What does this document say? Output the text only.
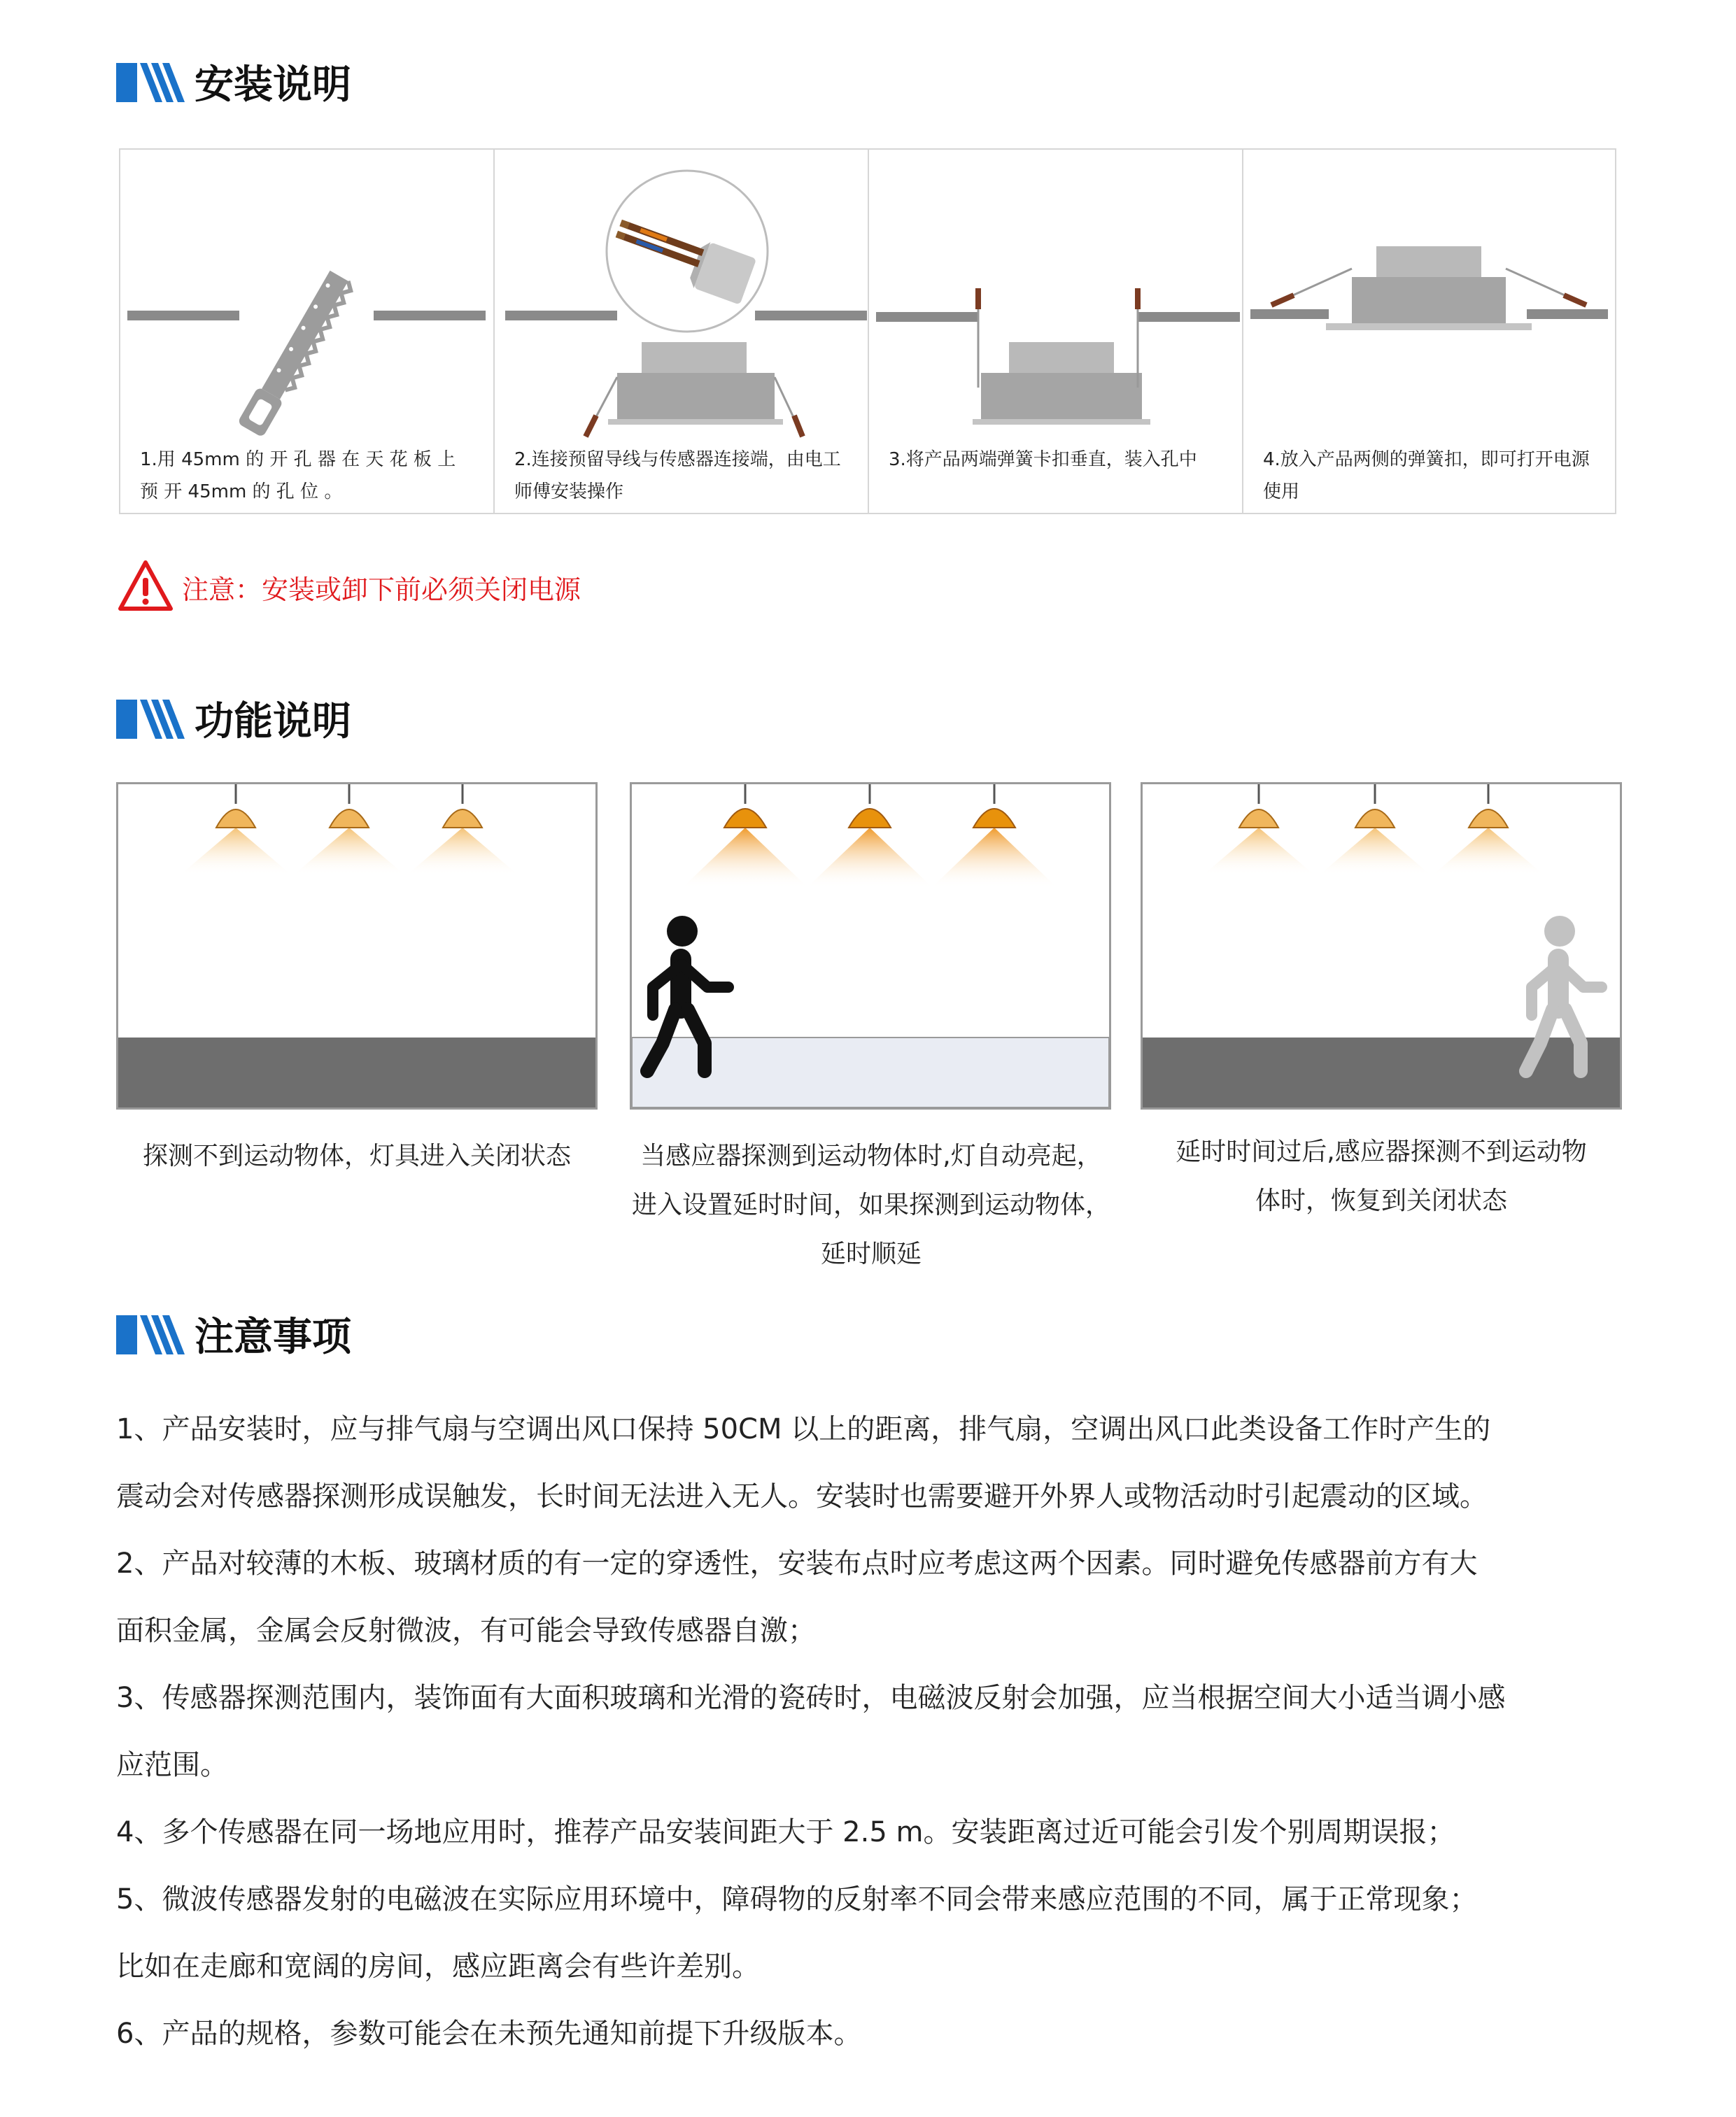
安装说明
1.用 45mm 的 开 孔 器 在 天 花 板 上 预 开 45mm 的 孔 位 。
2.连接预留导线与传感器连接端，由电工师傅安装操作
3.将产品两端弹簧卡扣垂直，装入孔中	4.放入产品两侧的弹簧扣，即可打开电源使用
注意：安装或卸下前必须关闭电源
功能说明
探测不到运动物体，灯具进入关闭状态	当感应器探测到运动物体时,灯自动亮起，
进入设置延时时间，如果探测到运动物体，
延时顺延
延时时间过后,感应器探测不到运动物
体时，恢复到关闭状态
注意事项
1、产品安装时，应与排气扇与空调出风口保持 50CM 以上的距离，排气扇，空调出风口此类设备工作时产生的
震动会对传感器探测形成误触发，长时间无法进入无人。安装时也需要避开外界人或物活动时引起震动的区域。
2、产品对较薄的木板、玻璃材质的有一定的穿透性，安装布点时应考虑这两个因素。同时避免传感器前方有大
面积金属，金属会反射微波，有可能会导致传感器自激；
3、传感器探测范围内，装饰面有大面积玻璃和光滑的瓷砖时，电磁波反射会加强，应当根据空间大小适当调小感
应范围。
4、多个传感器在同一场地应用时，推荐产品安装间距大于 2.5 m。安装距离过近可能会引发个别周期误报；
5、微波传感器发射的电磁波在实际应用环境中，障碍物的反射率不同会带来感应范围的不同，属于正常现象；
比如在走廊和宽阔的房间，感应距离会有些许差别。
6、产品的规格，参数可能会在未预先通知前提下升级版本。
